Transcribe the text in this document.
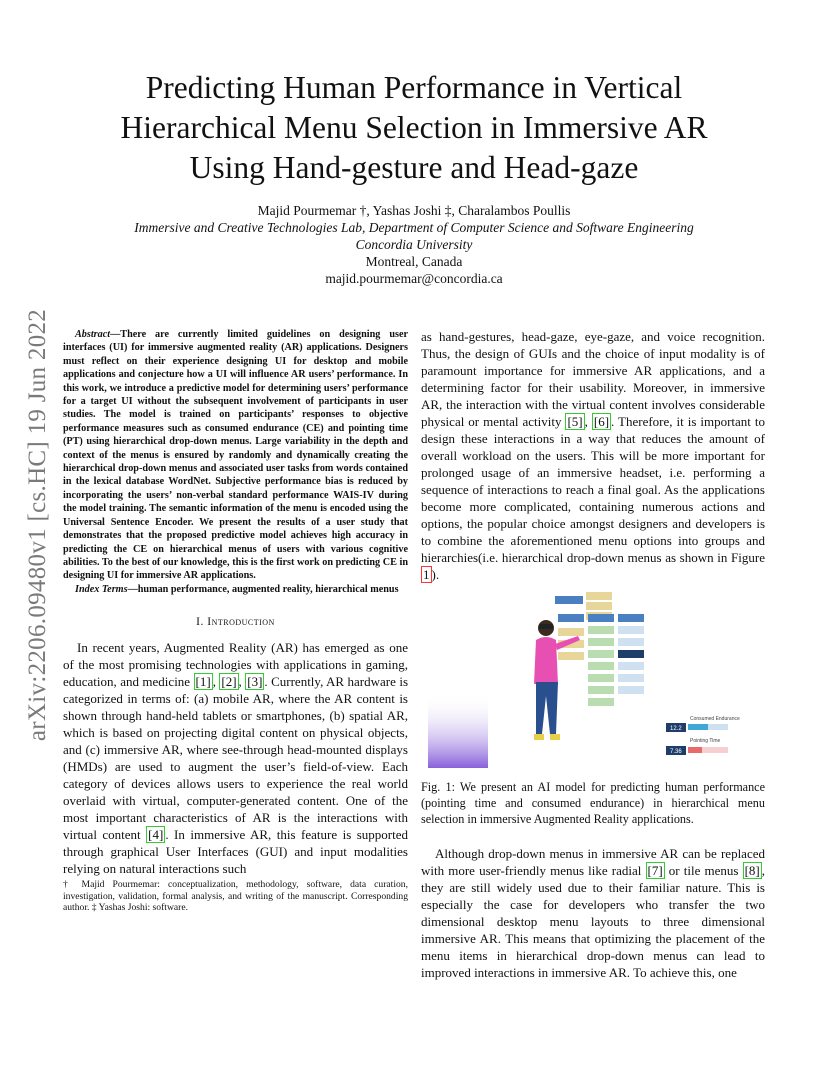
arXiv:2206.09480v1 [cs.HC] 19 Jun 2022
Predicting Human Performance in Vertical Hierarchical Menu Selection in Immersive AR Using Hand-gesture and Head-gaze
Majid Pourmemar †, Yashas Joshi ‡, Charalambos Poullis
Immersive and Creative Technologies Lab, Department of Computer Science and Software Engineering
Concordia University
Montreal, Canada
majid.pourmemar@concordia.ca

Abstract—There are currently limited guidelines on designing user interfaces (UI) for immersive augmented reality (AR) applications. Designers must reflect on their experience designing UI for desktop and mobile applications and conjecture how a UI will influence AR users’ performance. In this work, we introduce a predictive model for determining users’ performance for a target UI without the subsequent involvement of participants in user studies. The model is trained on participants’ responses to objective performance measures such as consumed endurance (CE) and pointing time (PT) using hierarchical drop-down menus. Large variability in the depth and context of the menus is ensured by randomly and dynamically creating the hierarchical drop-down menus and associated user tasks from words contained in the lexical database WordNet. Subjective performance bias is reduced by incorporating the users’ non-verbal standard performance WAIS-IV during the model training. The semantic information of the menu is encoded using the Universal Sentence Encoder. We present the results of a user study that demonstrates that the proposed predictive model achieves high accuracy in predicting the CE on hierarchical menus of users with various cognitive abilities. To the best of our knowledge, this is the first work on predicting CE in designing UI for immersive AR applications.

Index Terms—human performance, augmented reality, hierarchical menus

I. Introduction

In recent years, Augmented Reality (AR) has emerged as one of the most promising technologies with applications in gaming, education, and medicine [1] , [2] , [3] . Currently, AR hardware is categorized in terms of: (a) mobile AR, where the AR content is shown through hand-held tablets or smartphones, (b) spatial AR, which is based on projecting digital content on physical objects, and (c) immersive AR, where see-through head-mounted displays (HMDs) are used to augment the user’s field-of-view. Each category of devices allows users to experience the real world overlaid with virtual, computer-generated content. One of the most important characteristics of AR is the interactions with virtual content [4] . In immersive AR, this feature is supported through graphical User Interfaces (GUI) and input modalities relying on natural interactions such

† Majid Pourmemar: conceptualization, methodology, software, data curation, investigation, validation, formal analysis, and writing of the manuscript. Corresponding author. ‡ Yashas Joshi: software.

as hand-gestures, head-gaze, eye-gaze, and voice recognition. Thus, the design of GUIs and the choice of input modality is of paramount importance for immersive AR applications, and a determining factor for their usability. Moreover, in immersive AR, the interaction with the virtual content involves considerable physical or mental activity [5] , [6] . Therefore, it is important to design these interactions in a way that reduces the amount of overall workload on the users. This will be more important for prolonged usage of an immersive headset, i.e. performing a sequence of interactions to reach a final goal. As the applications become more complicated, containing numerous actions and options, the popular choice amongst designers and developers is to combine the aforementioned menu options into groups and hierarchies(i.e. hierarchical drop-down menus as shown in Figure 1 ).

Consumed Endurance
12.2
Pointing Time
7.36
Fig. 1: We present an AI model for predicting human performance (pointing time and consumed endurance) in hierarchical menu selection in immersive Augmented Reality applications.

Although drop-down menus in immersive AR can be replaced with more user-friendly menus like radial [7] or tile menus [8] , they are still widely used due to their familiar nature. This is especially the case for developers who transfer the two dimensional desktop menu layouts to three dimensional immersive AR. This means that optimizing the placement of the menu items in hierarchical drop-down menus can lead to improved interactions in immersive AR. To achieve this, one
